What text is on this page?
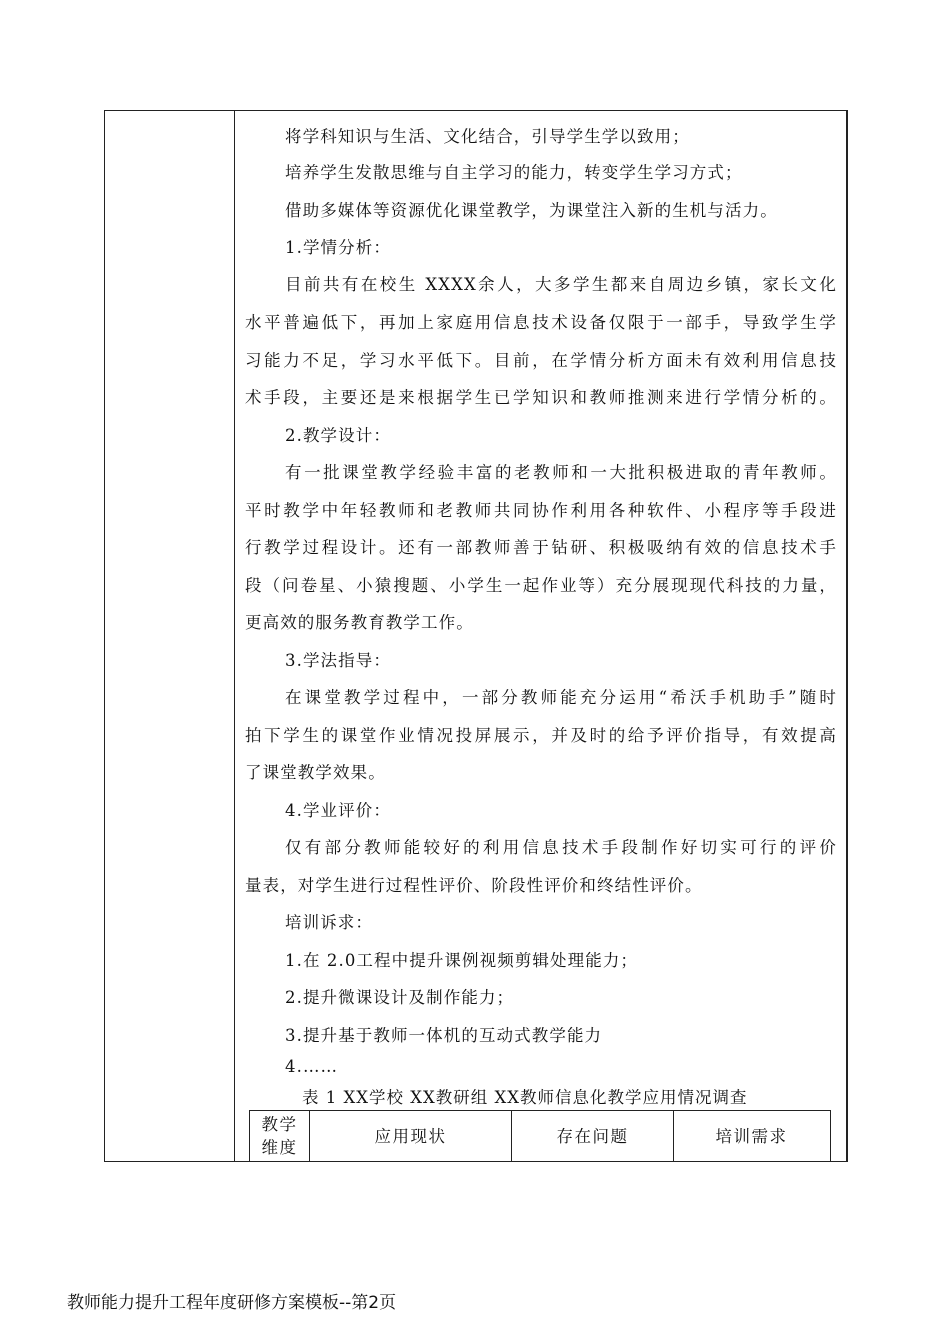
将学科知识与生活、文化结合，引导学生学以致用；
培养学生发散思维与自主学习的能力，转变学生学习方式；
借助多媒体等资源优化课堂教学，为课堂注入新的生机与活力。
1.学情分析：
目前共有在校生 XXXX余人，大多学生都来自周边乡镇，家长文化
水平普遍低下，再加上家庭用信息技术设备仅限于一部手，导致学生学
习能力不足，学习水平低下。目前，在学情分析方面未有效利用信息技
术手段，主要还是来根据学生已学知识和教师推测来进行学情分析的。
2.教学设计：
有一批课堂教学经验丰富的老教师和一大批积极进取的青年教师。
平时教学中年轻教师和老教师共同协作利用各种软件、小程序等手段进
行教学过程设计。还有一部教师善于钻研、积极吸纳有效的信息技术手
段（问卷星、小猿搜题、小学生一起作业等）充分展现现代科技的力量，
更高效的服务教育教学工作。
3.学法指导：
在课堂教学过程中，一部分教师能充分运用“希沃手机助手”随时
拍下学生的课堂作业情况投屏展示，并及时的给予评价指导，有效提高
了课堂教学效果。
4.学业评价：
仅有部分教师能较好的利用信息技术手段制作好切实可行的评价
量表，对学生进行过程性评价、阶段性评价和终结性评价。
培训诉求：
1.在 2.0工程中提升课例视频剪辑处理能力；
2.提升微课设计及制作能力；
3.提升基于教师一体机的互动式教学能力
4.……
表 1 XX学校 XX教研组 XX教师信息化教学应用情况调查
教学维度
应用现状	存在问题	培训需求
教师能力提升工程年度研修方案模板--第2页
